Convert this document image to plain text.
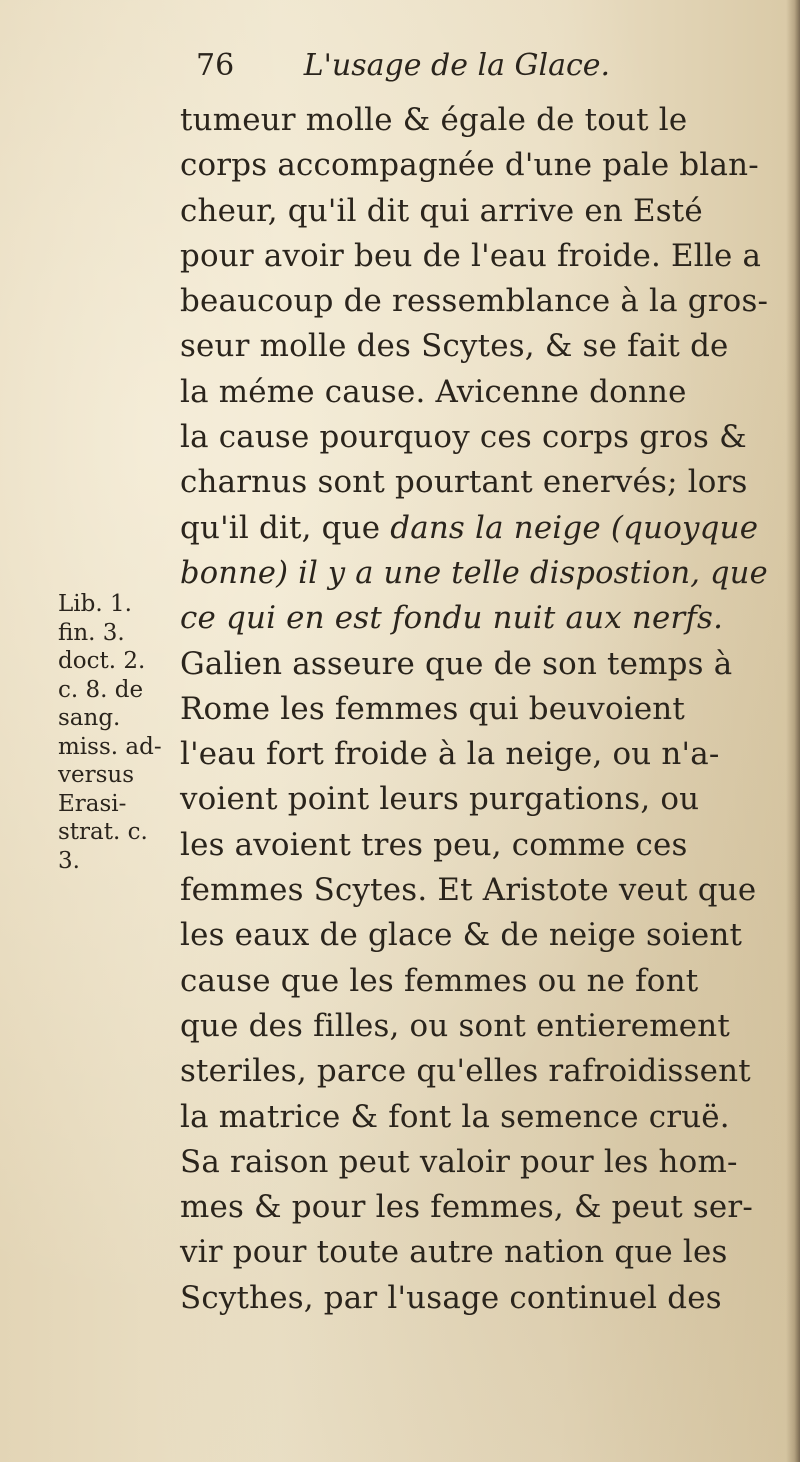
76 L'usage de la Glace.
tumeur molle & égale de tout le
corps accompagnée d'une pale blan-
cheur, qu'il dit qui arrive en Esté
pour avoir beu de l'eau froide. Elle a
beaucoup de ressemblance à la gros-
seur molle des Scytes, & se fait de
la méme cause. Avicenne donne
la cause pourquoy ces corps gros &
charnus sont pourtant enervés; lors
qu'il dit, que dans la neige (quoyque
bonne) il y a une telle dispostion, que
ce qui en est fondu nuit aux nerfs.
Galien asseure que de son temps à
Rome les femmes qui beuvoient
l'eau fort froide à la neige, ou n'a-
voient point leurs purgations, ou
les avoient tres peu, comme ces
femmes Scytes. Et Aristote veut que
les eaux de glace & de neige soient
cause que les femmes ou ne font
que des filles, ou sont entierement
steriles, parce qu'elles rafroidissent
la matrice & font la semence cruë.
Sa raison peut valoir pour les hom-
mes & pour les femmes, & peut ser-
vir pour toute autre nation que les
Scythes, par l'usage continuel des
Lib. 1.
fin. 3.
doct. 2.
c. 8. de
sang.
miss. ad-
versus
Erasi-
strat. c.
3.
